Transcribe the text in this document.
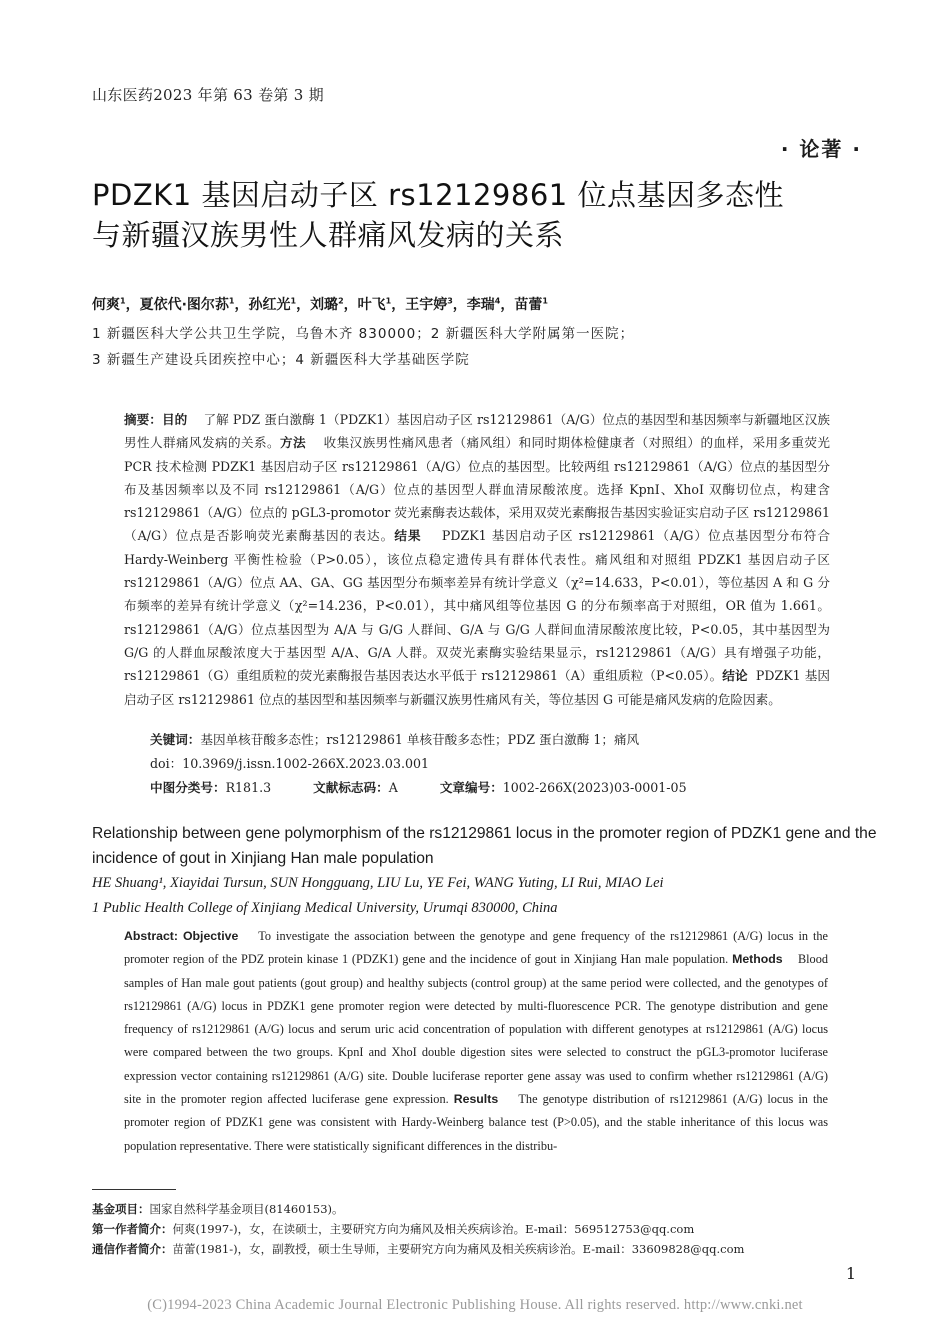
山东医药2023 年第 63 卷第 3 期
· 论著 ·
PDZK1 基因启动子区 rs12129861 位点基因多态性
与新疆汉族男性人群痛风发病的关系
何爽$^1$，夏依代·图尔荪$^1$，孙红光$^1$，刘璐$^2$，叶飞$^1$，王宇婷$^3$，李瑞$^4$，苗蕾$^1$
1 新疆医科大学公共卫生学院，乌鲁木齐 830000；2 新疆医科大学附属第一医院；
3 新疆生产建设兵团疾控中心；4 新疆医科大学基础医学院
摘要：目的 了解 PDZ 蛋白激酶 1（PDZK1）基因启动子区 rs12129861（A/G）位点的基因型和基因频率与新疆地区汉族男性人群痛风发病的关系。方法 收集汉族男性痛风患者（痛风组）和同时期体检健康者（对照组）的血样，采用多重荧光 PCR 技术检测 PDZK1 基因启动子区 rs12129861（A/G）位点的基因型。比较两组 rs12129861（A/G）位点的基因型分布及基因频率以及不同 rs12129861（A/G）位点的基因型人群血清尿酸浓度。选择 KpnI、XhoI 双酶切位点，构建含 rs12129861（A/G）位点的 pGL3-promotor 荧光素酶表达载体，采用双荧光素酶报告基因实验证实启动子区 rs12129861（A/G）位点是否影响荧光素酶基因的表达。结果 PDZK1 基因启动子区 rs12129861（A/G）位点基因型分布符合 Hardy-Weinberg 平衡性检验（P>0.05），该位点稳定遗传具有群体代表性。痛风组和对照组 PDZK1 基因启动子区 rs12129861（A/G）位点 AA、GA、GG 基因型分布频率差异有统计学意义（χ²=14.633，P<0.01），等位基因 A 和 G 分布频率的差异有统计学意义（χ²=14.236，P<0.01），其中痛风组等位基因 G 的分布频率高于对照组，OR 值为 1.661。rs12129861（A/G）位点基因型为 A/A 与 G/G 人群间、G/A 与 G/G 人群间血清尿酸浓度比较，P<0.05，其中基因型为 G/G 的人群血尿酸浓度大于基因型 A/A、G/A 人群。双荧光素酶实验结果显示，rs12129861（A/G）具有增强子功能，rs12129861（G）重组质粒的荧光素酶报告基因表达水平低于 rs12129861（A）重组质粒（P<0.05）。结论 PDZK1 基因启动子区 rs12129861 位点的基因型和基因频率与新疆汉族男性痛风有关，等位基因 G 可能是痛风发病的危险因素。
关键词：基因单核苷酸多态性；rs12129861 单核苷酸多态性；PDZ 蛋白激酶 1；痛风
doi：10.3969/j.issn.1002-266X.2023.03.001
中图分类号：R181.3	文献标志码：A	文章编号：1002-266X(2023)03-0001-05
Relationship between gene polymorphism of the rs12129861 locus in the promoter region of PDZK1 gene and the incidence of gout in Xinjiang Han male population
HE Shuang¹, Xiayidai Tursun, SUN Hongguang, LIU Lu, YE Fei, WANG Yuting, LI Rui, MIAO Lei
1 Public Health College of Xinjiang Medical University, Urumqi 830000, China
Abstract: Objective To investigate the association between the genotype and gene frequency of the rs12129861 (A/G) locus in the promoter region of the PDZ protein kinase 1 (PDZK1) gene and the incidence of gout in Xinjiang Han male population. Methods Blood samples of Han male gout patients (gout group) and healthy subjects (control group) at the same period were collected, and the genotypes of rs12129861 (A/G) locus in PDZK1 gene promoter region were detected by multi-fluorescence PCR. The genotype distribution and gene frequency of rs12129861 (A/G) locus and serum uric acid concentration of population with different genotypes at rs12129861 (A/G) locus were compared between the two groups. KpnI and XhoI double digestion sites were selected to construct the pGL3-promotor luciferase expression vector containing rs12129861 (A/G) site. Double luciferase reporter gene assay was used to confirm whether rs12129861 (A/G) site in the promoter region affected luciferase gene expression. Results The genotype distribution of rs12129861 (A/G) locus in the promoter region of PDZK1 gene was consistent with Hardy-Weinberg balance test (P>0.05), and the stable inheritance of this locus was population representative. There were statistically significant differences in the distribu-
基金项目：国家自然科学基金项目(81460153)。
第一作者简介：何爽(1997-)，女，在读硕士，主要研究方向为痛风及相关疾病诊治。E-mail：569512753@qq.com
通信作者简介：苗蕾(1981-)，女，副教授，硕士生导师，主要研究方向为痛风及相关疾病诊治。E-mail：33609828@qq.com
1
(C)1994-2023 China Academic Journal Electronic Publishing House. All rights reserved. http://www.cnki.net
